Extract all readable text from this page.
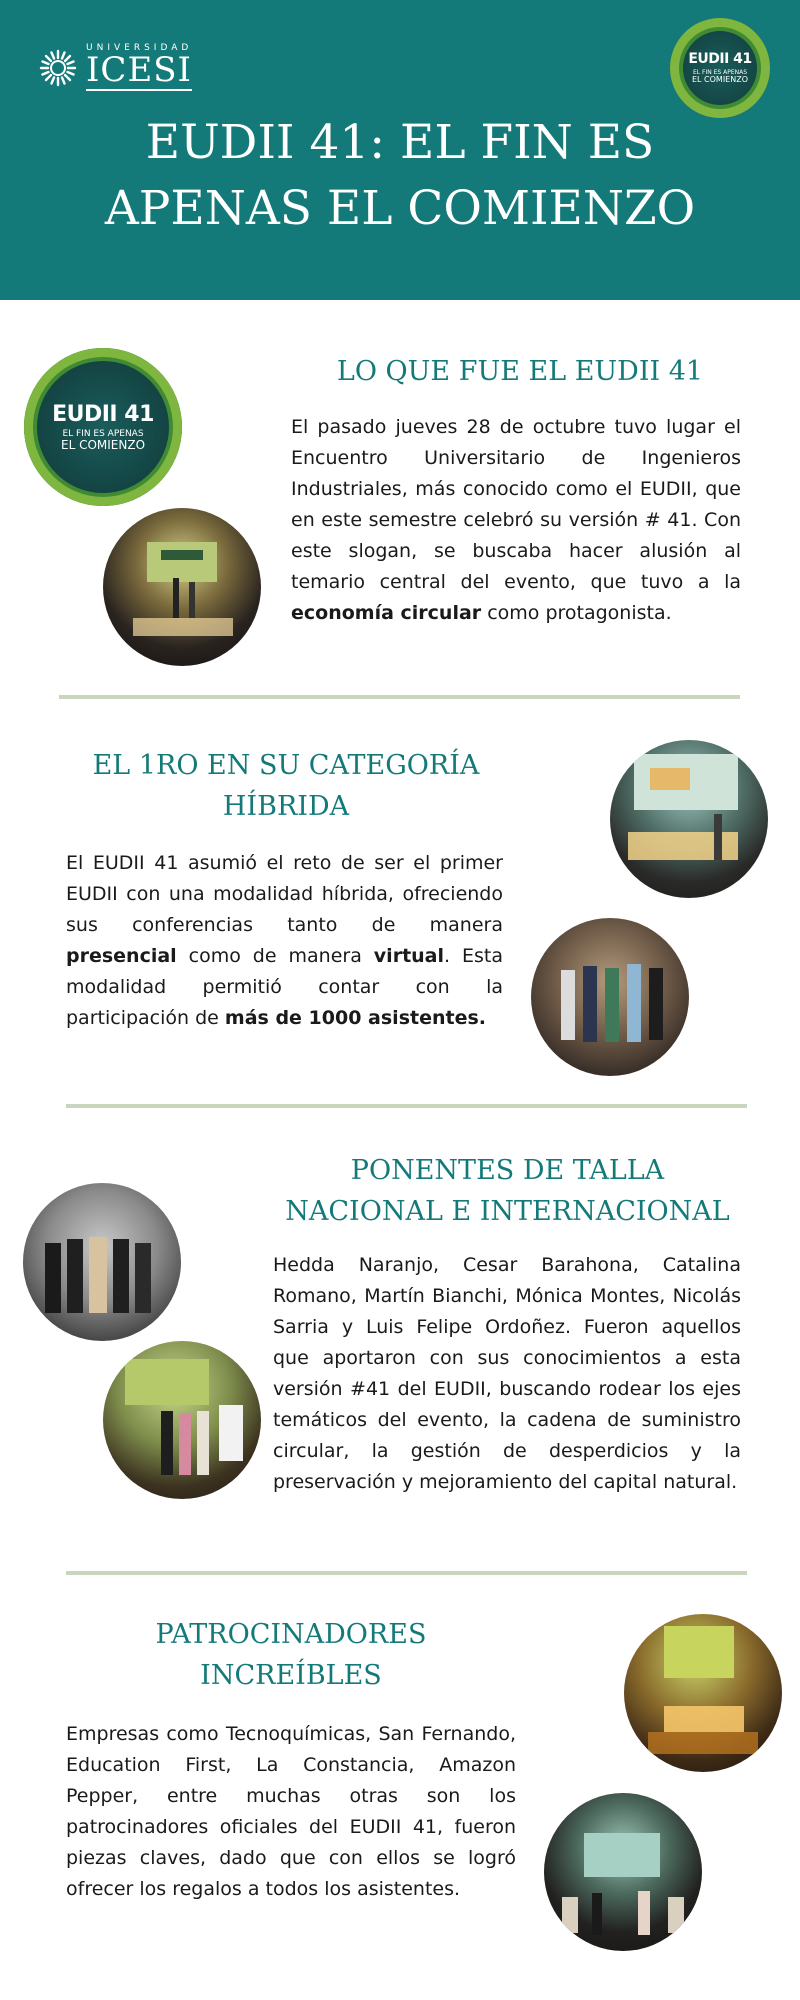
UNIVERSIDAD
ICESI	EUDII 41
EL FIN ES APENAS
EL COMIENZO
EUDII 41: EL FIN ES
APENAS EL COMIENZO
EUDII 41
EL FIN ES APENAS
EL COMIENZO
LO QUE FUE EL EUDII 41

El pasado jueves 28 de octubre tuvo lugar el Encuentro Universitario de Ingenieros Industriales, más conocido como el EUDII, que en este semestre celebró su versión # 41. Con este slogan, se buscaba hacer alusión al temario central del evento, que tuvo a la economía circular como protagonista.

EL 1RO EN SU CATEGORÍA
HÍBRIDA

El EUDII 41 asumió el reto de ser el primer EUDII con una modalidad híbrida, ofreciendo sus conferencias tanto de manera presencial como de manera virtual. Esta modalidad permitió contar con la participación de más de 1000 asistentes.

PONENTES DE TALLA
NACIONAL E INTERNACIONAL

Hedda Naranjo, Cesar Barahona, Catalina Romano, Martín Bianchi, Mónica Montes, Nicolás Sarria y Luis Felipe Ordoñez. Fueron aquellos que aportaron con sus conocimientos a esta versión #41 del EUDII, buscando rodear los ejes temáticos del evento, la cadena de suministro circular, la gestión de desperdicios y la preservación y mejoramiento del capital natural.

PATROCINADORES
INCREÍBLES

Empresas como Tecnoquímicas, San Fernando, Education First, La Constancia, Amazon Pepper, entre muchas otras son los patrocinadores oficiales del EUDII 41, fueron piezas claves, dado que con ellos se logró ofrecer los regalos a todos los asistentes.
